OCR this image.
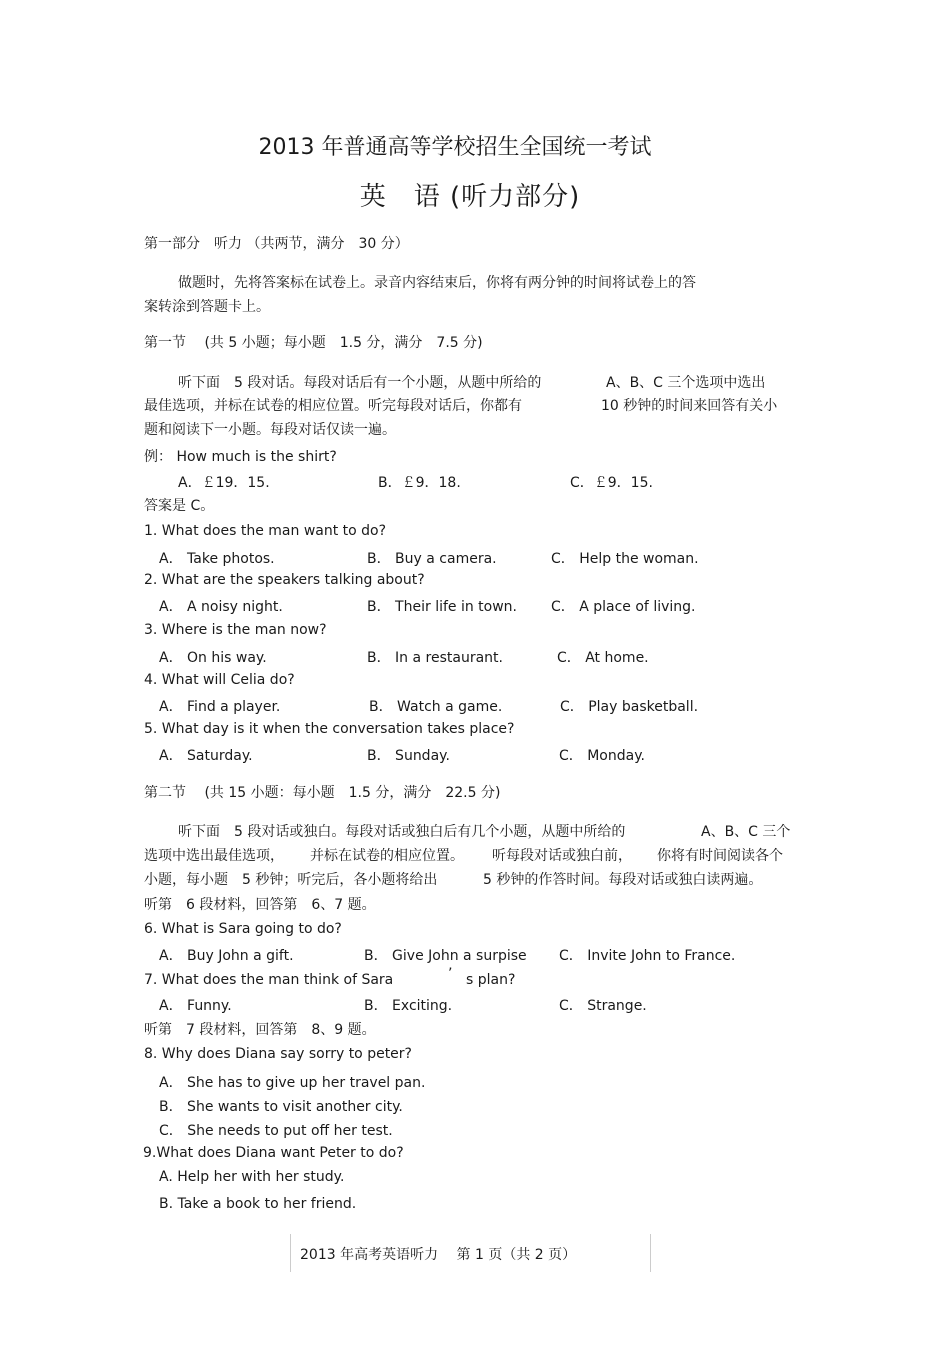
2013 年普通高等学校招生全国统一考试
英　语 (听力部分)
第一部分　听力 （共两节，满分　30 分）
做题时，先将答案标在试卷上。录音内容结束后，你将有两分钟的时间将试卷上的答
案转涂到答题卡上。
第一节　 (共 5 小题；每小题　1.5 分，满分　7.5 分)
听下面　5 段对话。每段对话后有一个小题，从题中所给的	A、B、C 三个选项中选出
最佳选项，并标在试卷的相应位置。听完每段对话后，你都有	10 秒钟的时间来回答有关小
题和阅读下一小题。每段对话仅读一遍。
例： How much is the shirt?
A．￡19．15.	B．￡9．18.	C．￡9．15.
答案是 C。
1. What does the man want to do?
A． Take photos.	B． Buy a camera.	C． Help the woman.
2. What are the speakers talking about?
A． A noisy night.	B． Their life in town. C． A place of living.
3. Where is the man now?
A． On his way.	B． In a restaurant.	C． At home.
4. What will Celia do?
A． Find a player.	B． Watch a game.	C． Play basketball.
5. What day is it when the conversation takes place?
A． Saturday.	B． Sunday.	C． Monday.
第二节　 (共 15 小题：每小题　1.5 分，满分　22.5 分)
听下面　5 段对话或独白。每段对话或独白后有几个小题，从题中所给的	A、B、C 三个
选项中选出最佳选项， 并标在试卷的相应位置。 听每段对话或独白前， 你将有时间阅读各个
小题，每小题　5 秒钟；听完后，各小题将给出	5 秒钟的作答时间。每段对话或独白读两遍。
听第　6 段材料，回答第　6、7 题。
6. What is Sara going to do?
A． Buy John a gift.	B． Give John a surpise C． Invite John to France.
7. What does the man think of Sara	’ s plan?
A． Funny.	B． Exciting.	C． Strange.
听第　7 段材料，回答第　8、9 题。
8. Why does Diana say sorry to peter?
A． She has to give up her travel pan.
B． She wants to visit another city.
C． She needs to put off her test.
9.What does Diana want Peter to do?
A. Help her with her study.
B. Take a book to her friend.
2013 年高考英语听力　 第 1 页（共 2 页）
